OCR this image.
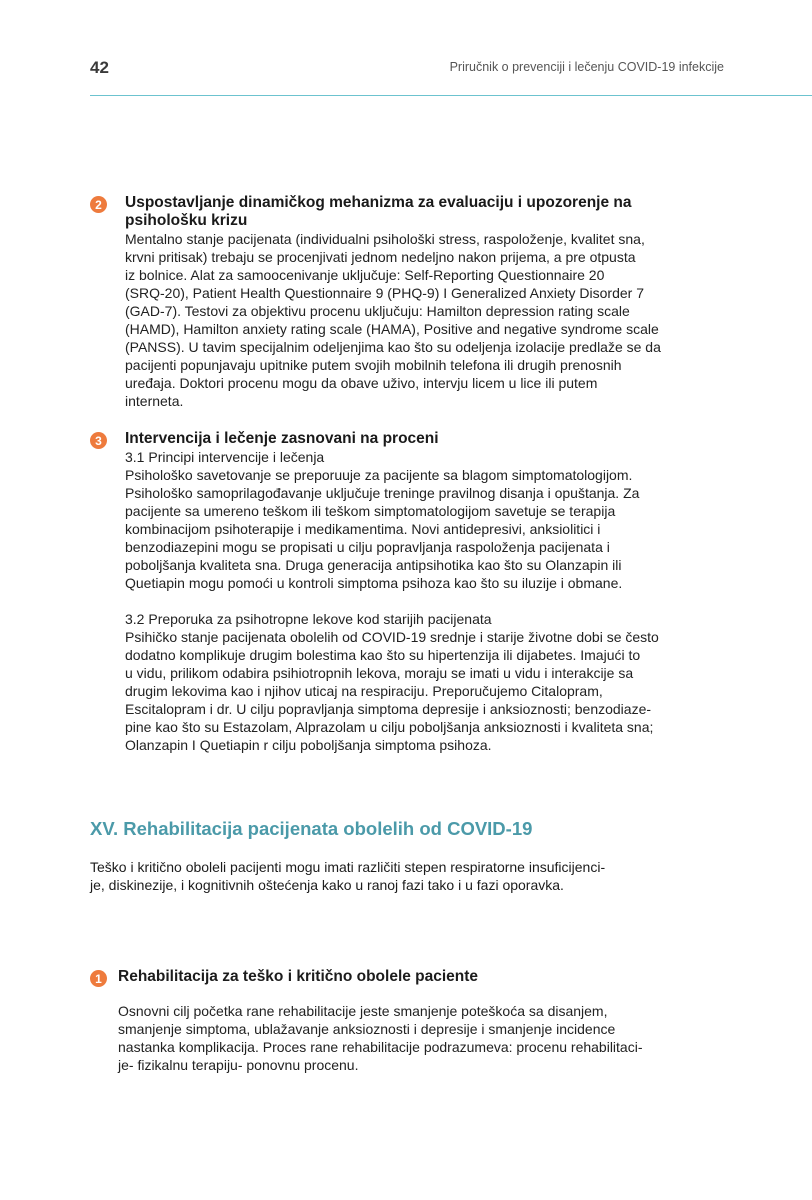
42	Priručnik o prevenciji i lečenju COVID-19 infekcije
2	Uspostavljanje dinamičkog mehanizma za evaluaciju i upozorenje na
psihološku krizu

Mentalno stanje pacijenata (individualni psihološki stress, raspoloženje, kvalitet sna,
krvni pritisak) trebaju se procenjivati jednom nedeljno nakon prijema, a pre otpusta
iz bolnice. Alat za samoocenivanje uključuje: Self-Reporting Questionnaire 20
(SRQ-20), Patient Health Questionnaire 9 (PHQ-9) I Generalized Anxiety Disorder 7
(GAD-7). Testovi za objektivu procenu uključuju: Hamilton depression rating scale
(HAMD), Hamilton anxiety rating scale (HAMA), Positive and negative syndrome scale
(PANSS). U tavim specijalnim odeljenjima kao što su odeljenja izolacije predlaže se da
pacijenti popunjavaju upitnike putem svojih mobilnih telefona ili drugih prenosnih
uređaja. Doktori procenu mogu da obave uživo, intervju licem u lice ili putem
interneta.

3	Intervencija i lečenje zasnovani na proceni

3.1 Principi intervencije i lečenja

Psihološko savetovanje se preporuuje za pacijente sa blagom simptomatologijom.
Psihološko samoprilagođavanje uključuje treninge pravilnog disanja i opuštanja. Za
pacijente sa umereno teškom ili teškom simptomatologijom savetuje se terapija
kombinacijom psihoterapije i medikamentima. Novi antidepresivi, anksiolitici i
benzodiazepini mogu se propisati u cilju popravljanja raspoloženja pacijenata i
poboljšanja kvaliteta sna. Druga generacija antipsihotika kao što su Olanzapin ili
Quetiapin mogu pomoći u kontroli simptoma psihoza kao što su iluzije i obmane.

3.2 Preporuka za psihotropne lekove kod starijih pacijenata

Psihičko stanje pacijenata obolelih od COVID-19 srednje i starije životne dobi se često
dodatno komplikuje drugim bolestima kao što su hipertenzija ili dijabetes. Imajući to
u vidu, prilikom odabira psihiotropnih lekova, moraju se imati u vidu i interakcije sa
drugim lekovima kao i njihov uticaj na respiraciju. Preporučujemo Citalopram,
Escitalopram i dr. U cilju popravljanja simptoma depresije i anksioznosti; benzodiaze-
pine kao što su Estazolam, Alprazolam u cilju poboljšanja anksioznosti i kvaliteta sna;
Olanzapin I Quetiapin r cilju poboljšanja simptoma psihoza.

XV. Rehabilitacija pacijenata obolelih od COVID-19

Teško i kritično oboleli pacijenti mogu imati različiti stepen respiratorne insuficijenci-
je, diskinezije, i kognitivnih oštećenja kako u ranoj fazi tako i u fazi oporavka.

1	Rehabilitacija za teško i kritično obolele paciente

Osnovni cilj početka rane rehabilitacije jeste smanjenje poteškoća sa disanjem,
smanjenje simptoma, ublažavanje anksioznosti i depresije i smanjenje incidence
nastanka komplikacija. Proces rane rehabilitacije podrazumeva: procenu rehabilitaci-
je- fizikalnu terapiju- ponovnu procenu.
